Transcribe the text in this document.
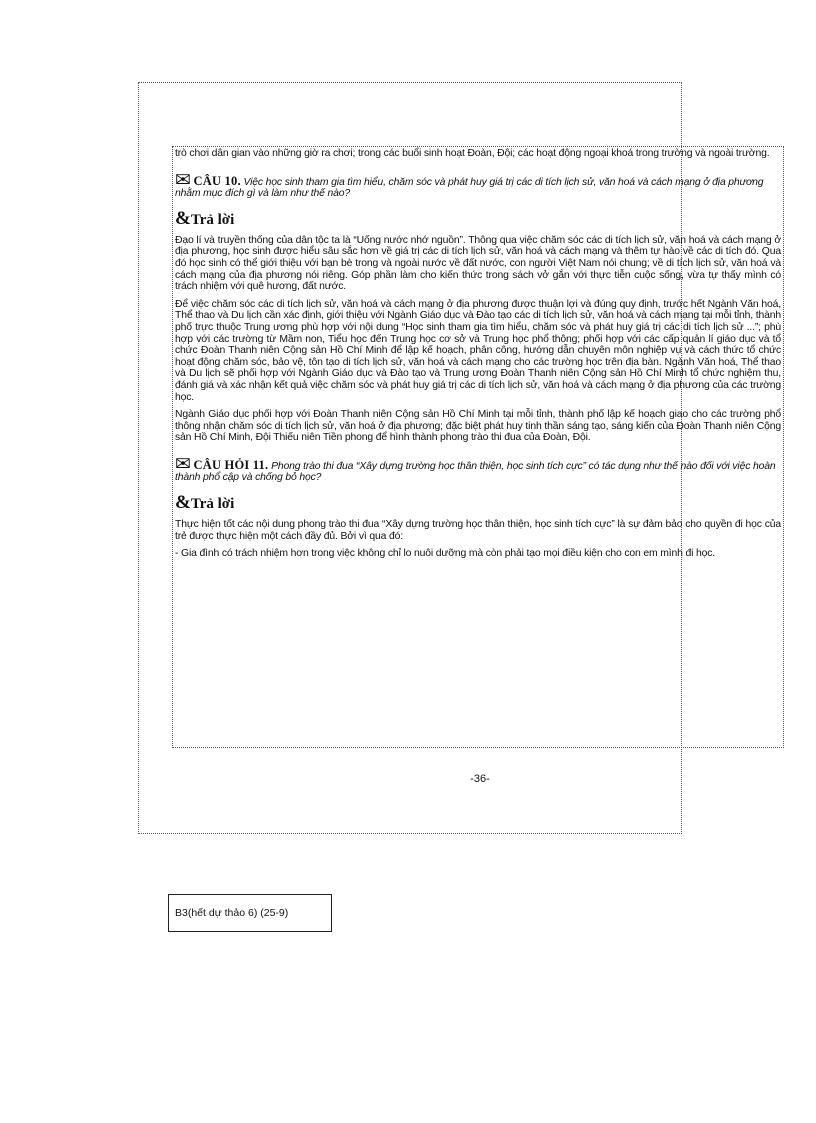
trò chơi dân gian vào những giờ ra chơi; trong các buổi sinh hoạt Đoàn, Đội; các hoạt động ngoại khoá trong trường và ngoài trường.

✉ CÂU 10. Việc học sinh tham gia tìm hiểu, chăm sóc và phát huy giá trị các di tích lịch sử, văn hoá và cách mạng ở địa phương nhằm mục đích gì và làm như thế nào?
&Trả lời

Đạo lí và truyền thống của dân tộc ta là “Uống nước nhớ nguồn”. Thông qua việc chăm sóc các di tích lịch sử, văn hoá và cách mạng ở địa phương, học sinh được hiểu sâu sắc hơn về giá trị các di tích lịch sử, văn hoá và cách mạng và thêm tự hào về các di tích đó. Qua đó học sinh có thể giới thiệu với bạn bè trong và ngoài nước về đất nước, con người Việt Nam nói chung; về di tích lịch sử, văn hoá và cách mạng của địa phương nói riêng. Góp phần làm cho kiến thức trong sách vở gắn với thực tiễn cuộc sống, vừa tự thấy mình có trách nhiệm với quê hương, đất nước.

Để việc chăm sóc các di tích lịch sử, văn hoá và cách mạng ở địa phương được thuận lợi và đúng quy định, trước hết Ngành Văn hoá, Thể thao và Du lịch cần xác định, giới thiệu với Ngành Giáo dục và Đào tạo các di tích lịch sử, văn hoá và cách mạng tại mỗi tỉnh, thành phố trực thuộc Trung ương phù hợp với nội dung “Học sinh tham gia tìm hiểu, chăm sóc và phát huy giá trị các di tích lịch sử ...”; phù hợp với các trường từ Mầm non, Tiểu học đến Trung học cơ sở và Trung học phổ thông; phối hợp với các cấp quản lí giáo dục và tổ chức Đoàn Thanh niên Cộng sản Hồ Chí Minh để lập kế hoạch, phân công, hướng dẫn chuyên môn nghiệp vụ và cách thức tổ chức hoạt động chăm sóc, bảo vệ, tôn tạo di tích lịch sử, văn hoá và cách mạng cho các trường học trên địa bàn. Ngành Văn hoá, Thể thao và Du lịch sẽ phối hợp với Ngành Giáo dục và Đào tạo và Trung ương Đoàn Thanh niên Cộng sản Hồ Chí Minh tổ chức nghiệm thu, đánh giá và xác nhận kết quả việc chăm sóc và phát huy giá trị các di tích lịch sử, văn hoá và cách mạng ở địa phương của các trường học.

Ngành Giáo dục phối hợp với Đoàn Thanh niên Cộng sản Hồ Chí Minh tại mỗi tỉnh, thành phố lập kế hoạch giao cho các trường phổ thông nhận chăm sóc di tích lịch sử, văn hoá ở địa phương; đặc biệt phát huy tinh thần sáng tạo, sáng kiến của Đoàn Thanh niên Cộng sản Hồ Chí Minh, Đội Thiếu niên Tiền phong để hình thành phong trào thi đua của Đoàn, Đội.

✉ CÂU HỎI 11. Phong trào thi đua “Xây dựng trường học thân thiện, học sinh tích cực” có tác dụng như thế nào đối với việc hoàn thành phổ cập và chống bỏ học?
&Trả lời

Thực hiện tốt các nội dung phong trào thi đua “Xây dựng trường học thân thiện, học sinh tích cực” là sự đảm bảo cho quyền đi học của trẻ được thực hiện một cách đầy đủ. Bởi vì qua đó:

- Gia đình có trách nhiệm hơn trong việc không chỉ lo nuôi dưỡng mà còn phải tạo mọi điều kiện cho con em mình đi học.

-36-
B3(hết dự thảo 6) (25-9)
